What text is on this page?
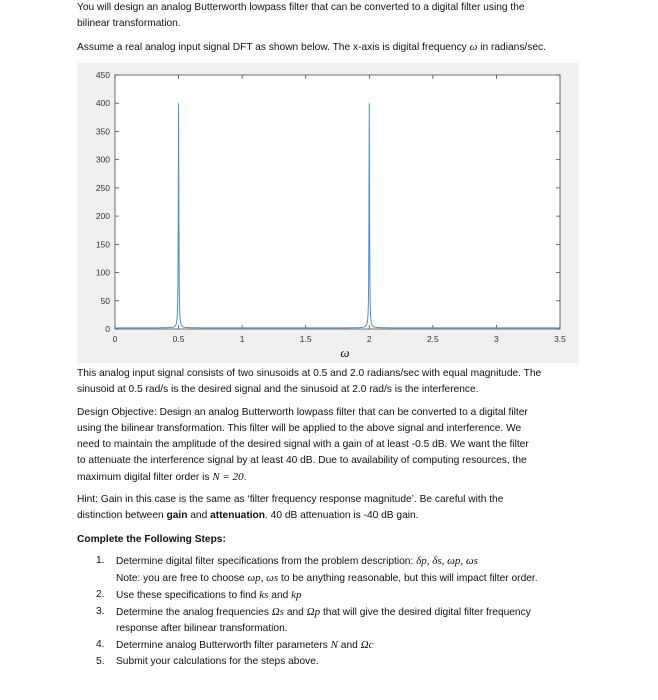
You will design an analog Butterworth lowpass filter that can be converted to a digital filter using the
bilinear transformation.

Assume a real analog input signal DFT as shown below. The x-axis is digital frequency ω in radians/sec.

0
50
100
150
200
250
300
350
400
450
0	0.5	1	1.5	2	2.5	3	3.5
ω

This analog input signal consists of two sinusoids at 0.5 and 2.0 radians/sec with equal magnitude. The
sinusoid at 0.5 rad/s is the desired signal and the sinusoid at 2.0 rad/s is the interference.

Design Objective: Design an analog Butterworth lowpass filter that can be converted to a digital filter
using the bilinear transformation. This filter will be applied to the above signal and interference. We
need to maintain the amplitude of the desired signal with a gain of at least -0.5 dB. We want the filter
to attenuate the interference signal by at least 40 dB. Due to availability of computing resources, the
maximum digital filter order is N = 20.

Hint: Gain in this case is the same as ‘filter frequency response magnitude’. Be careful with the
distinction between gain and attenuation. 40 dB attenuation is -40 dB gain.

Complete the Following Steps:

1. Determine digital filter specifications from the problem description: δp, δs, ωp, ωs
Note: you are free to choose ωp, ωs to be anything reasonable, but this will impact filter order.
2. Use these specifications to find ks and kp
3. Determine the analog frequencies Ωs and Ωp that will give the desired digital filter frequency
response after bilinear transformation.
4. Determine analog Butterworth filter parameters N and Ωc
5. Submit your calculations for the steps above.
